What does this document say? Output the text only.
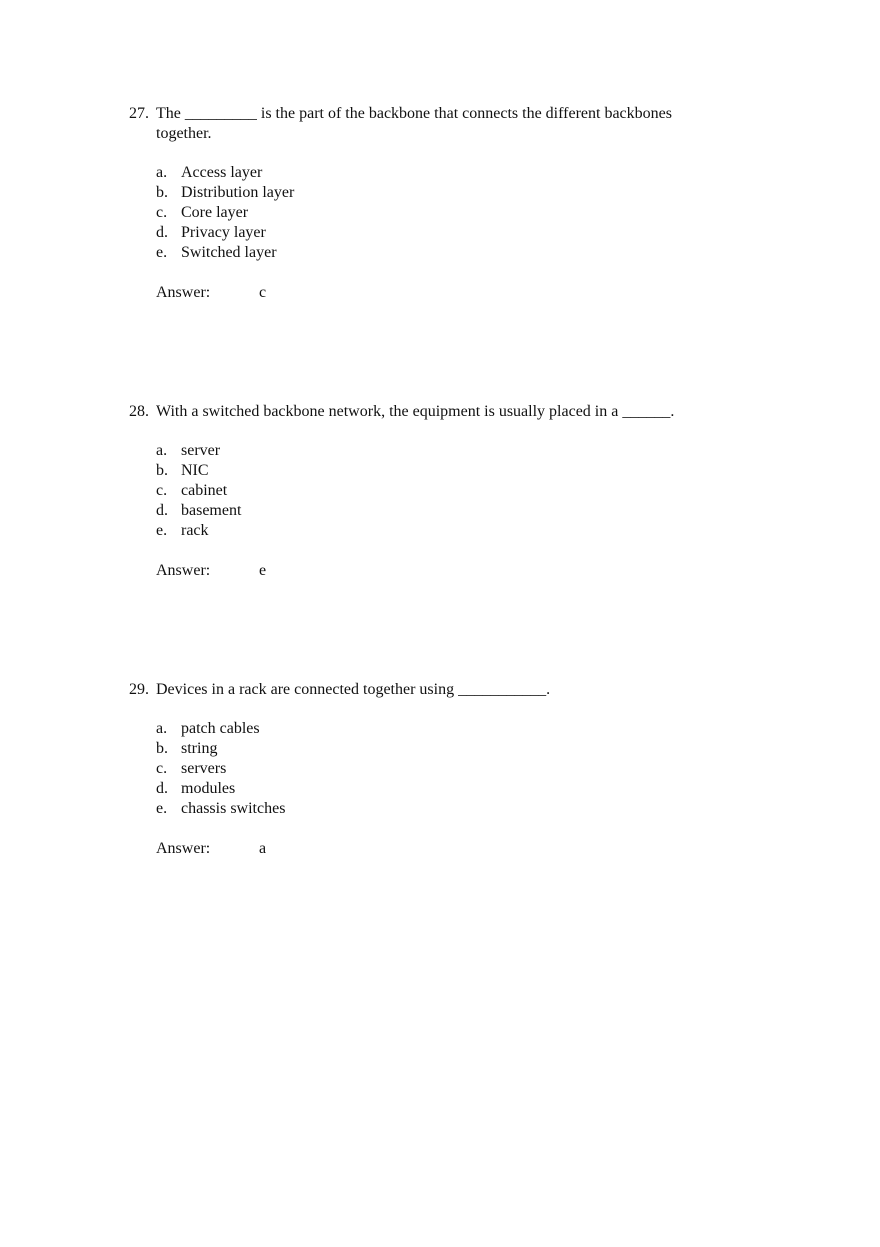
27. The _________ is the part of the backbone that connects the different backbones
together.

a. Access layer
b. Distribution layer
c. Core layer
d. Privacy layer
e. Switched layer
Answer:	c

28. With a switched backbone network, the equipment is usually placed in a ______.

a. server
b. NIC
c. cabinet
d. basement
e. rack
Answer:	e

29. Devices in a rack are connected together using ___________.

a. patch cables
b. string
c. servers
d. modules
e. chassis switches
Answer:	a
